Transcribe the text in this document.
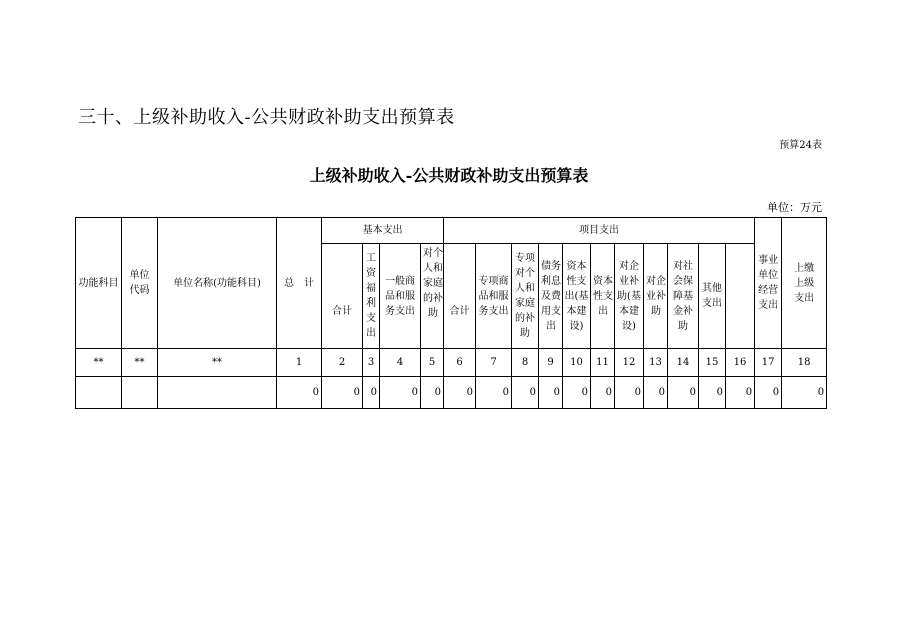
三十、上级补助收入-公共财政补助支出预算表
预算24表
上级补助收入-公共财政补助支出预算表
单位：万元
功能科目	单位代码	单位名称(功能科目)	总　计	基本支出				项目支出											事业单位经营支出	上缴上级支出	
				合计	工资福利支出	一般商品和服务支出	对个人和家庭的补助	合计	专项商品和服务支出	专项对个人和家庭的补助	债务利息及费用支出	资本性支出(基本建设)	资本性支出	对企业补助(基本建设)	对企业补助	对社会保障基金补助	其他支出				
**	**	**	1	2	3	4	5	6	7	8	9	10	11	12	13	14	15	16	17	18	
			0	0	0	0	0	0	0	0	0	0	0	0	0	0	0	0	0	0	
